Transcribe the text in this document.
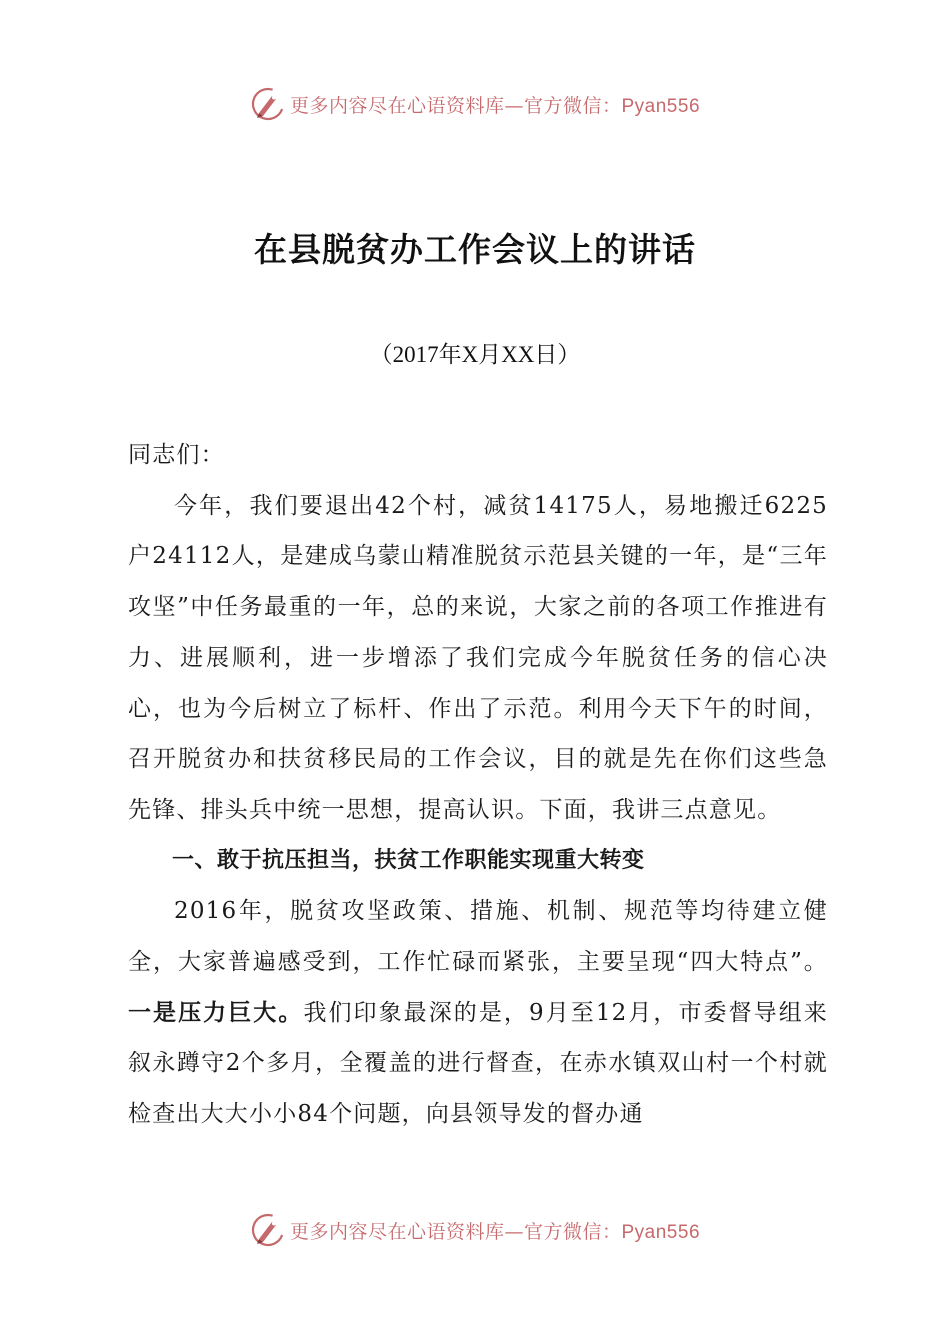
更多内容尽在心语资料库—官方微信：Pyan556
在县脱贫办工作会议上的讲话
（2017年X月XX日）

同志们：

今年，我们要退出42个村，减贫14175人，易地搬迁6225户24112人，是建成乌蒙山精准脱贫示范县关键的一年，是“三年攻坚”中任务最重的一年，总的来说，大家之前的各项工作推进有力、进展顺利，进一步增添了我们完成今年脱贫任务的信心决心，也为今后树立了标杆、作出了示范。利用今天下午的时间，召开脱贫办和扶贫移民局的工作会议，目的就是先在你们这些急先锋、排头兵中统一思想，提高认识。下面，我讲三点意见。

一、敢于抗压担当，扶贫工作职能实现重大转变

2016年，脱贫攻坚政策、措施、机制、规范等均待建立健全，大家普遍感受到，工作忙碌而紧张，主要呈现“四大特点”。一是压力巨大。我们印象最深的是，9月至12月，市委督导组来叙永蹲守2个多月，全覆盖的进行督查，在赤水镇双山村一个村就检查出大大小小84个问题，向县领导发的督办通

更多内容尽在心语资料库—官方微信：Pyan556
